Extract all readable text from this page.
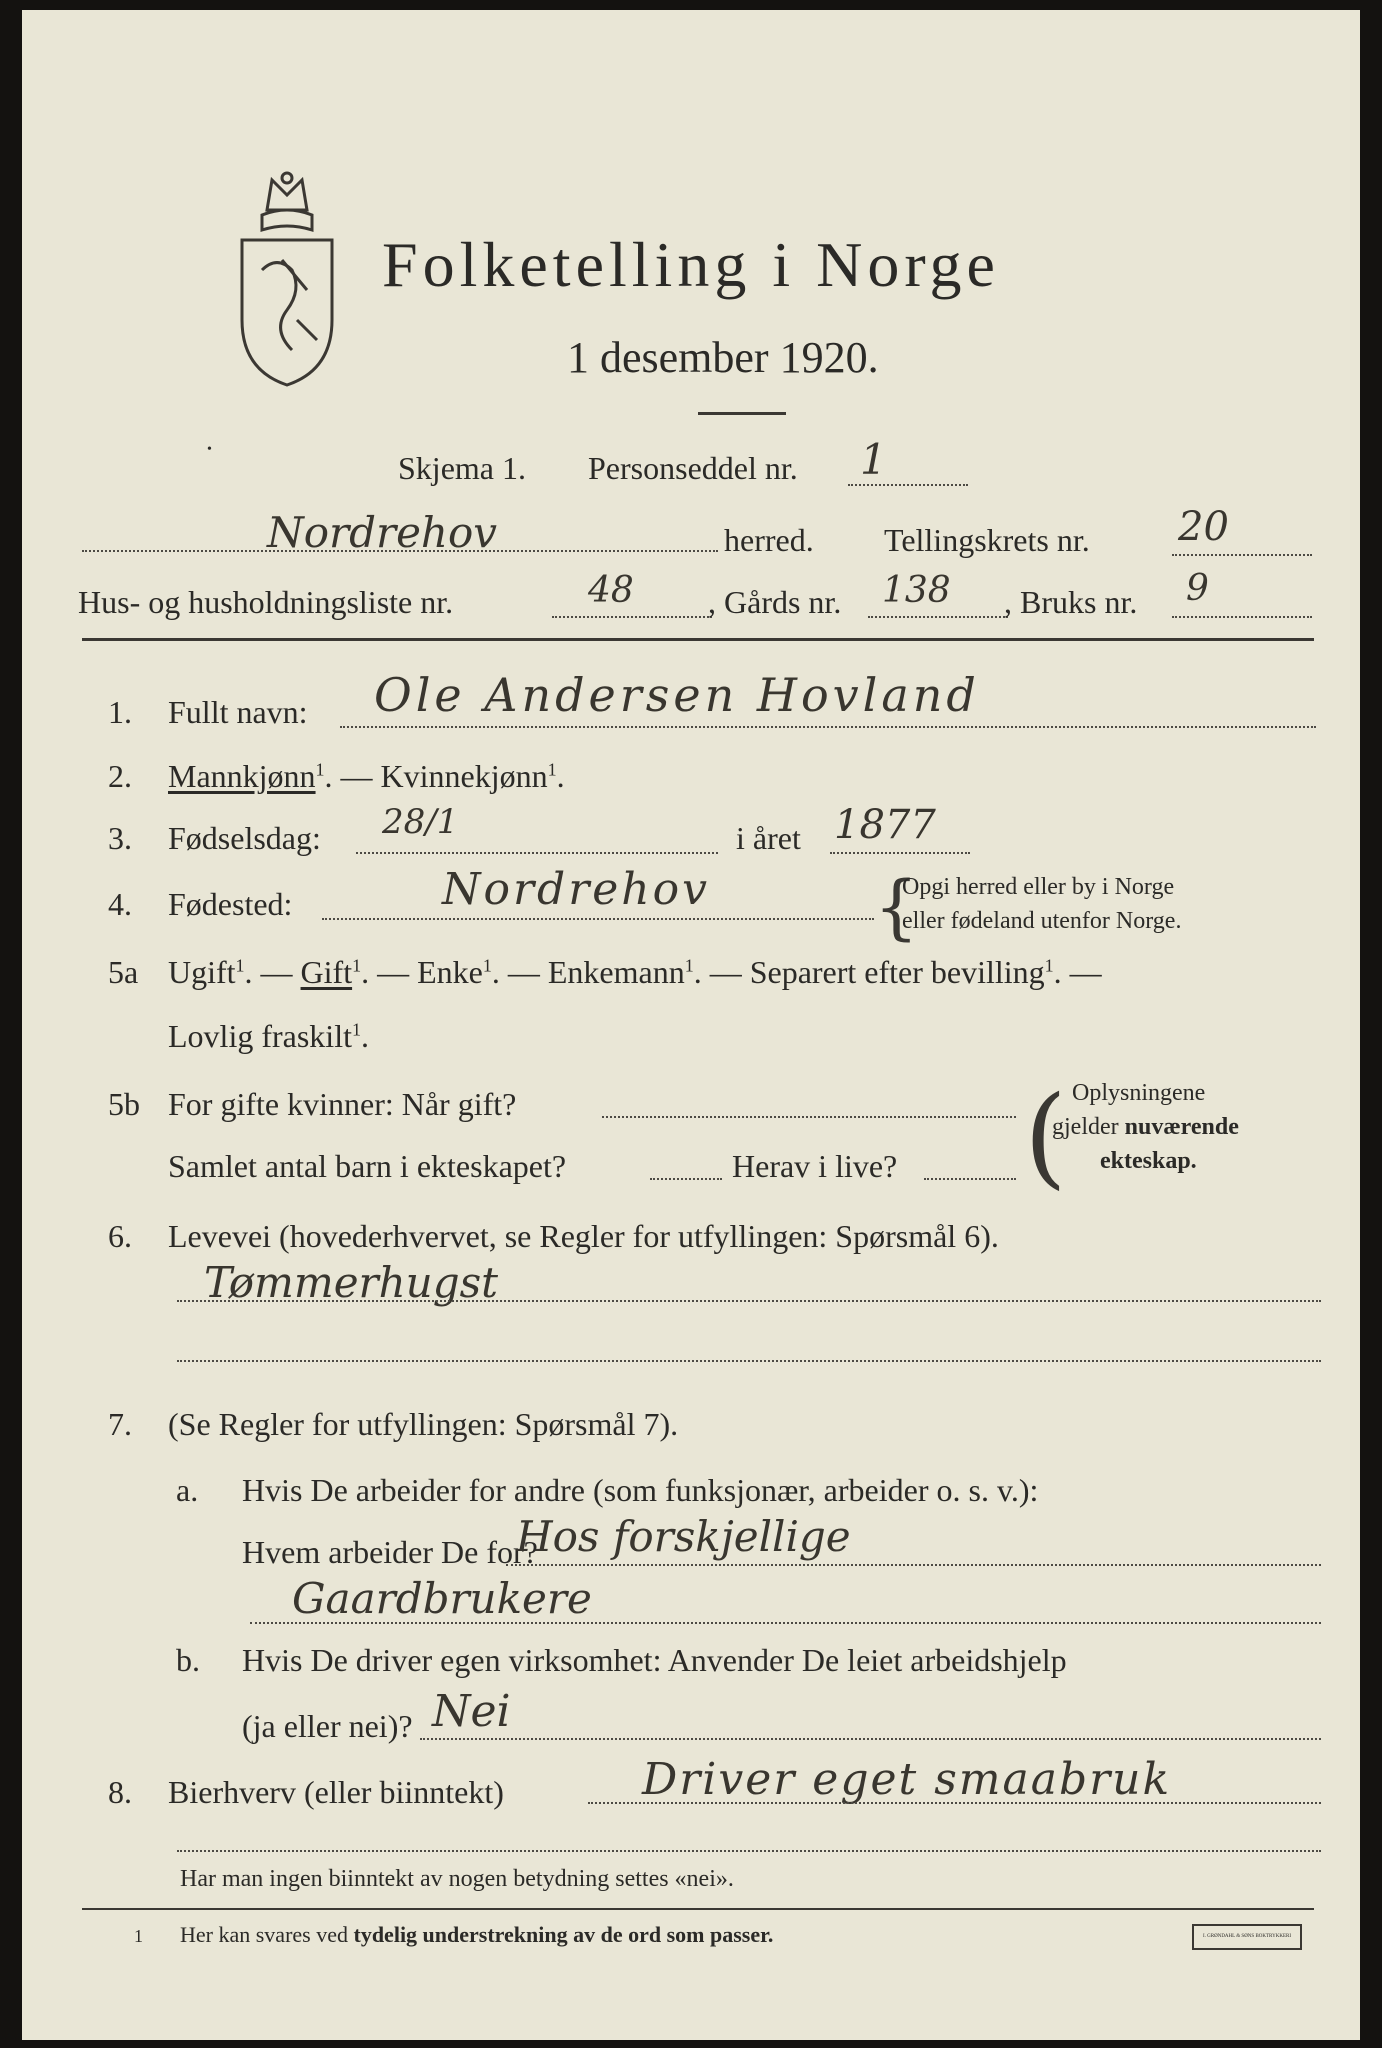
Folketelling i Norge
1 desember 1920.
•
Skjema 1. Personseddel nr. 1
Nordrehov	herred. Tellingskrets nr. 20
Hus- og husholdningsliste nr.	48 , Gårds nr. 138 , Bruks nr. 9
1. Fullt navn: Ole Andersen Hovland
2. Mannkjønn$^1$. — Kvinnekjønn$^1$.
3. Fødselsdag: 28/1	i året 1877
4. Fødested:	Nordrehov {
Opgi herred eller by i Norge
eller fødeland utenfor Norge.
5a Ugift$^1$. — Gift$^1$. — Enke$^1$. — Enkemann$^1$. — Separert efter bevilling$^1$. —
Lovlig fraskilt$^1$.
5b For gifte kvinner: Når gift?
Samlet antal barn i ekteskapet?	Herav i live? ( Oplysningene
gjelder nuværende
ekteskap.
6. Levevei (hovederhvervet, se Regler for utfyllingen: Spørsmål 6).
Tømmerhugst
7. (Se Regler for utfyllingen: Spørsmål 7).
a. Hvis De arbeider for andre (som funksjonær, arbeider o. s. v.):
Hvem arbeider De for?
Hos forskjellige
Gaardbrukere
b. Hvis De driver egen virksomhet: Anvender De leiet arbeidshjelp
(ja eller nei)? Nei
8. Bierhverv (eller biinntekt)	Driver eget smaabruk
Har man ingen biinntekt av nogen betydning settes «nei».
1 Her kan svares ved tydelig understrekning av de ord som passer.	I. GRØNDAHL & SØNS BOKTRYKKERI
